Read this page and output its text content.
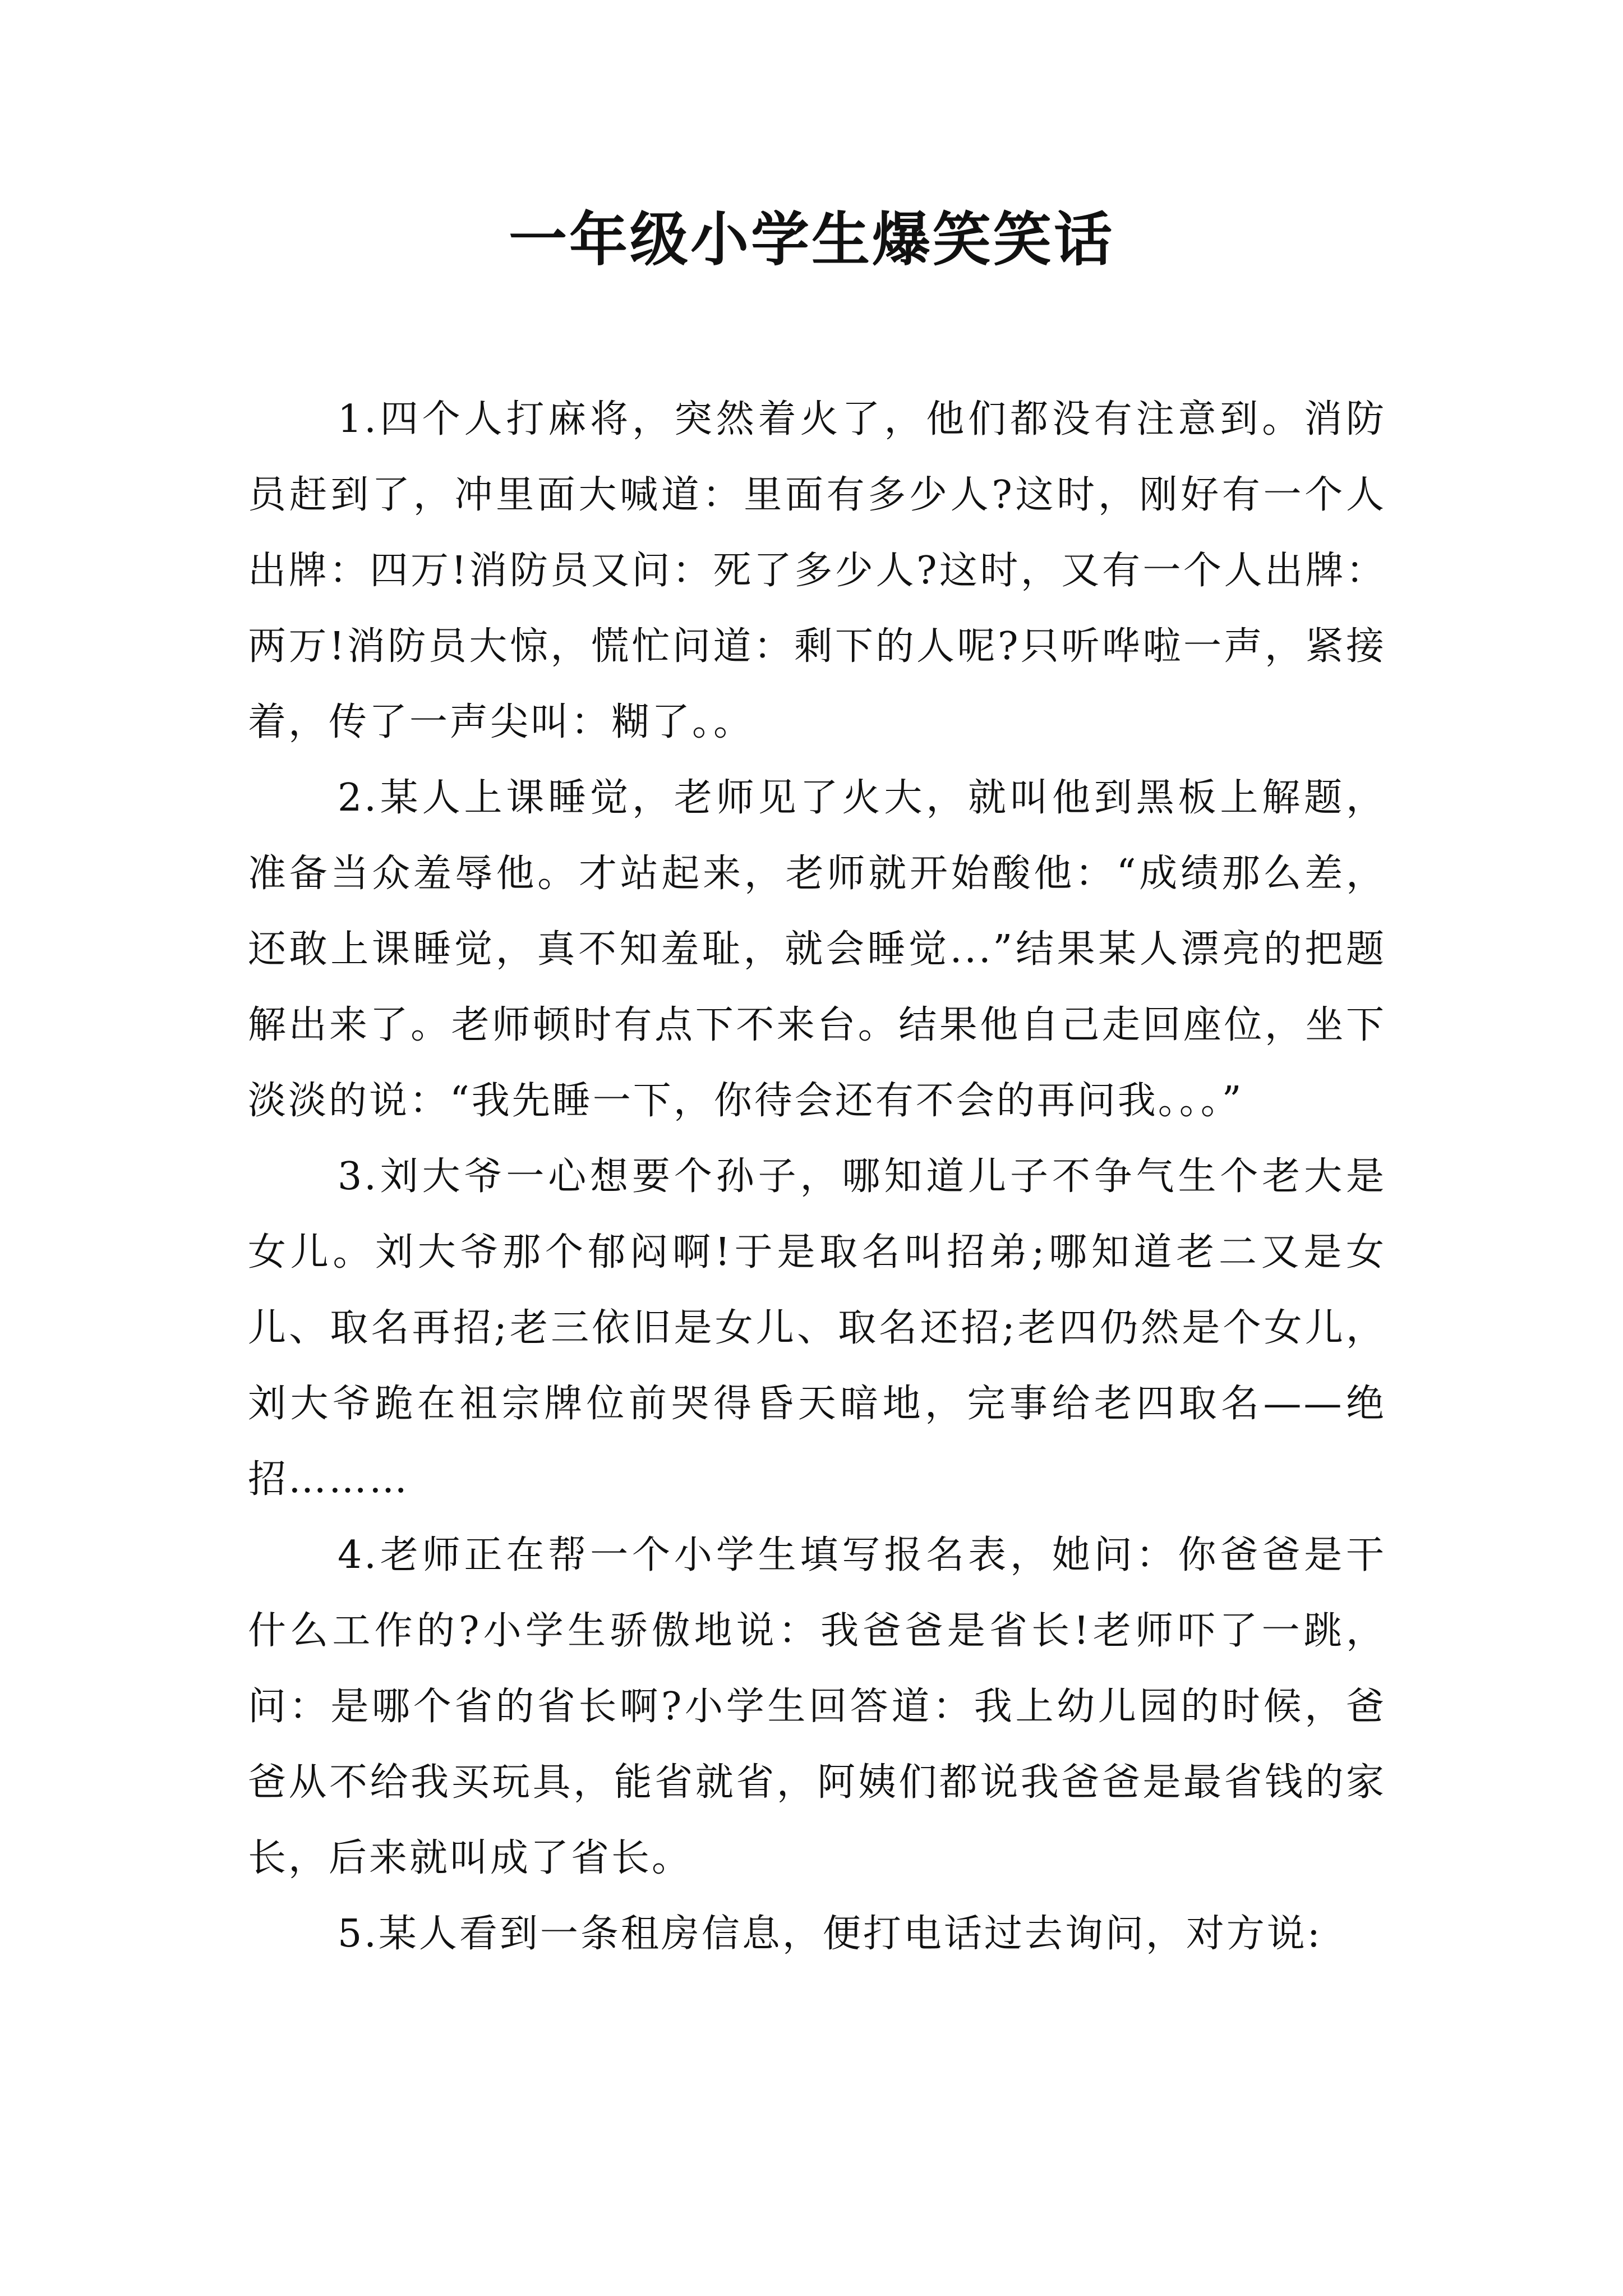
一年级小学生爆笑笑话

1.四个人打麻将，突然着火了，他们都没有注意到。消防员赶到了，冲里面大喊道：里面有多少人?这时，刚好有一个人出牌：四万!消防员又问：死了多少人?这时，又有一个人出牌：两万!消防员大惊，慌忙问道：剩下的人呢?只听哗啦一声，紧接着，传了一声尖叫：糊了。。

2.某人上课睡觉，老师见了火大，就叫他到黑板上解题，准备当众羞辱他。才站起来，老师就开始酸他：“成绩那么差，还敢上课睡觉，真不知羞耻，就会睡觉...”结果某人漂亮的把题解出来了。老师顿时有点下不来台。结果他自己走回座位，坐下淡淡的说：“我先睡一下，你待会还有不会的再问我。。。”

3.刘大爷一心想要个孙子，哪知道儿子不争气生个老大是女儿。刘大爷那个郁闷啊!于是取名叫招弟;哪知道老二又是女儿、取名再招;老三依旧是女儿、取名还招;老四仍然是个女儿，刘大爷跪在祖宗牌位前哭得昏天暗地，完事给老四取名——绝招………

4.老师正在帮一个小学生填写报名表，她问：你爸爸是干什么工作的?小学生骄傲地说：我爸爸是省长!老师吓了一跳，问：是哪个省的省长啊?小学生回答道：我上幼儿园的时候，爸爸从不给我买玩具，能省就省，阿姨们都说我爸爸是最省钱的家长，后来就叫成了省长。

5.某人看到一条租房信息，便打电话过去询问，对方说:
